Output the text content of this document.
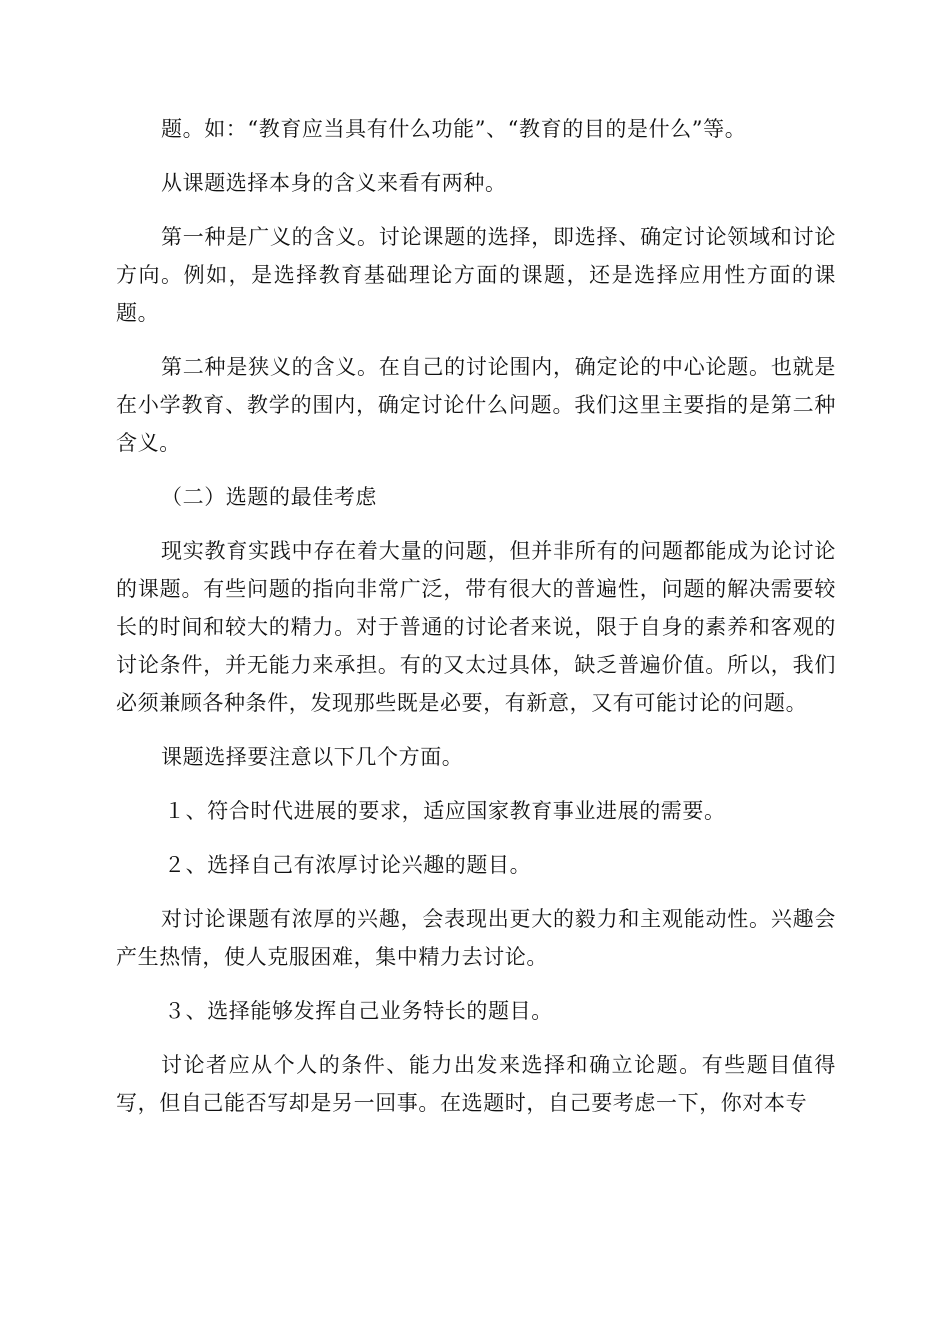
题。如：“教育应当具有什么功能”、“教育的目的是什么”等。

从课题选择本身的含义来看有两种。

第一种是广义的含义。讨论课题的选择，即选择、确定讨论领域和讨论方向。例如，是选择教育基础理论方面的课题，还是选择应用性方面的课题。

第二种是狭义的含义。在自己的讨论围内，确定论的中心论题。也就是在小学教育、教学的围内，确定讨论什么问题。我们这里主要指的是第二种含义。

（二）选题的最佳考虑

现实教育实践中存在着大量的问题，但并非所有的问题都能成为论讨论的课题。有些问题的指向非常广泛，带有很大的普遍性，问题的解决需要较长的时间和较大的精力。对于普通的讨论者来说，限于自身的素养和客观的讨论条件，并无能力来承担。有的又太过具体，缺乏普遍价值。所以，我们必须兼顾各种条件，发现那些既是必要，有新意，又有可能讨论的问题。

课题选择要注意以下几个方面。

１、符合时代进展的要求，适应国家教育事业进展的需要。

２、选择自己有浓厚讨论兴趣的题目。

对讨论课题有浓厚的兴趣，会表现出更大的毅力和主观能动性。兴趣会产生热情，使人克服困难，集中精力去讨论。

３、选择能够发挥自己业务特长的题目。

讨论者应从个人的条件、能力出发来选择和确立论题。有些题目值得写，但自己能否写却是另一回事。在选题时，自己要考虑一下，你对本专
